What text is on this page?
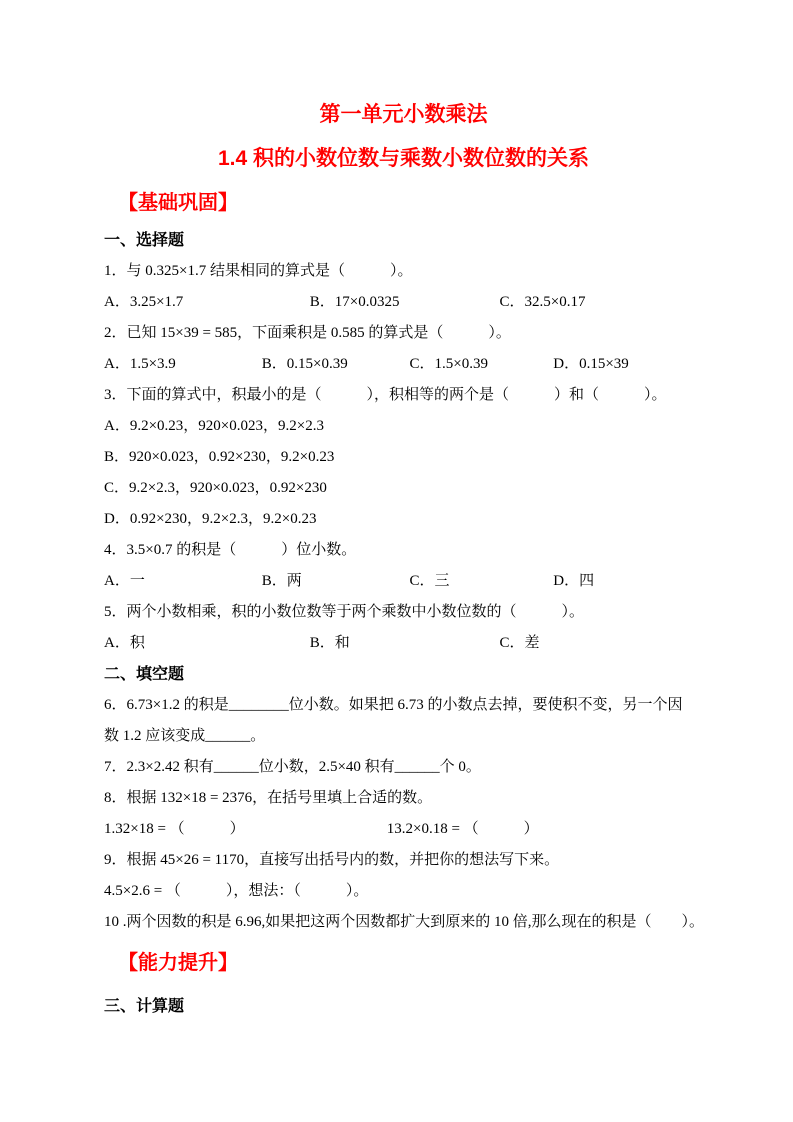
第一单元小数乘法
1.4 积的小数位数与乘数小数位数的关系
【基础巩固】
一、选择题
1．与 0.325×1.7 结果相同的算式是（　　　）。
A．3.25×1.7	B．17×0.0325	C．32.5×0.17
2．已知 15×39 = 585，下面乘积是 0.585 的算式是（　　　）。
A．1.5×3.9	B．0.15×0.39	C．1.5×0.39	D．0.15×39
3．下面的算式中，积最小的是（　　　），积相等的两个是（　　　）和（　　　）。
A．9.2×0.23，920×0.023，9.2×2.3
B．920×0.023，0.92×230，9.2×0.23
C．9.2×2.3，920×0.023，0.92×230
D．0.92×230，9.2×2.3，9.2×0.23
4．3.5×0.7 的积是（　　　）位小数。
A．一	B．两	C．三	D．四
5．两个小数相乘，积的小数位数等于两个乘数中小数位数的（　　　）。
A．积	B．和	C．差
二、填空题
6．6.73×1.2 的积是________位小数。如果把 6.73 的小数点去掉，要使积不变，另一个因
数 1.2 应该变成______。
7．2.3×2.42 积有______位小数，2.5×40 积有______个 0。
8．根据 132×18 = 2376，在括号里填上合适的数。
1.32×18 = （　　　）	13.2×0.18 = （　　　）
9．根据 45×26 = 1170，直接写出括号内的数，并把你的想法写下来。
4.5×2.6 = （　　　），想法：（　　　）。
10 .两个因数的积是 6.96,如果把这两个因数都扩大到原来的 10 倍,那么现在的积是（　　）。
【能力提升】
三、计算题
